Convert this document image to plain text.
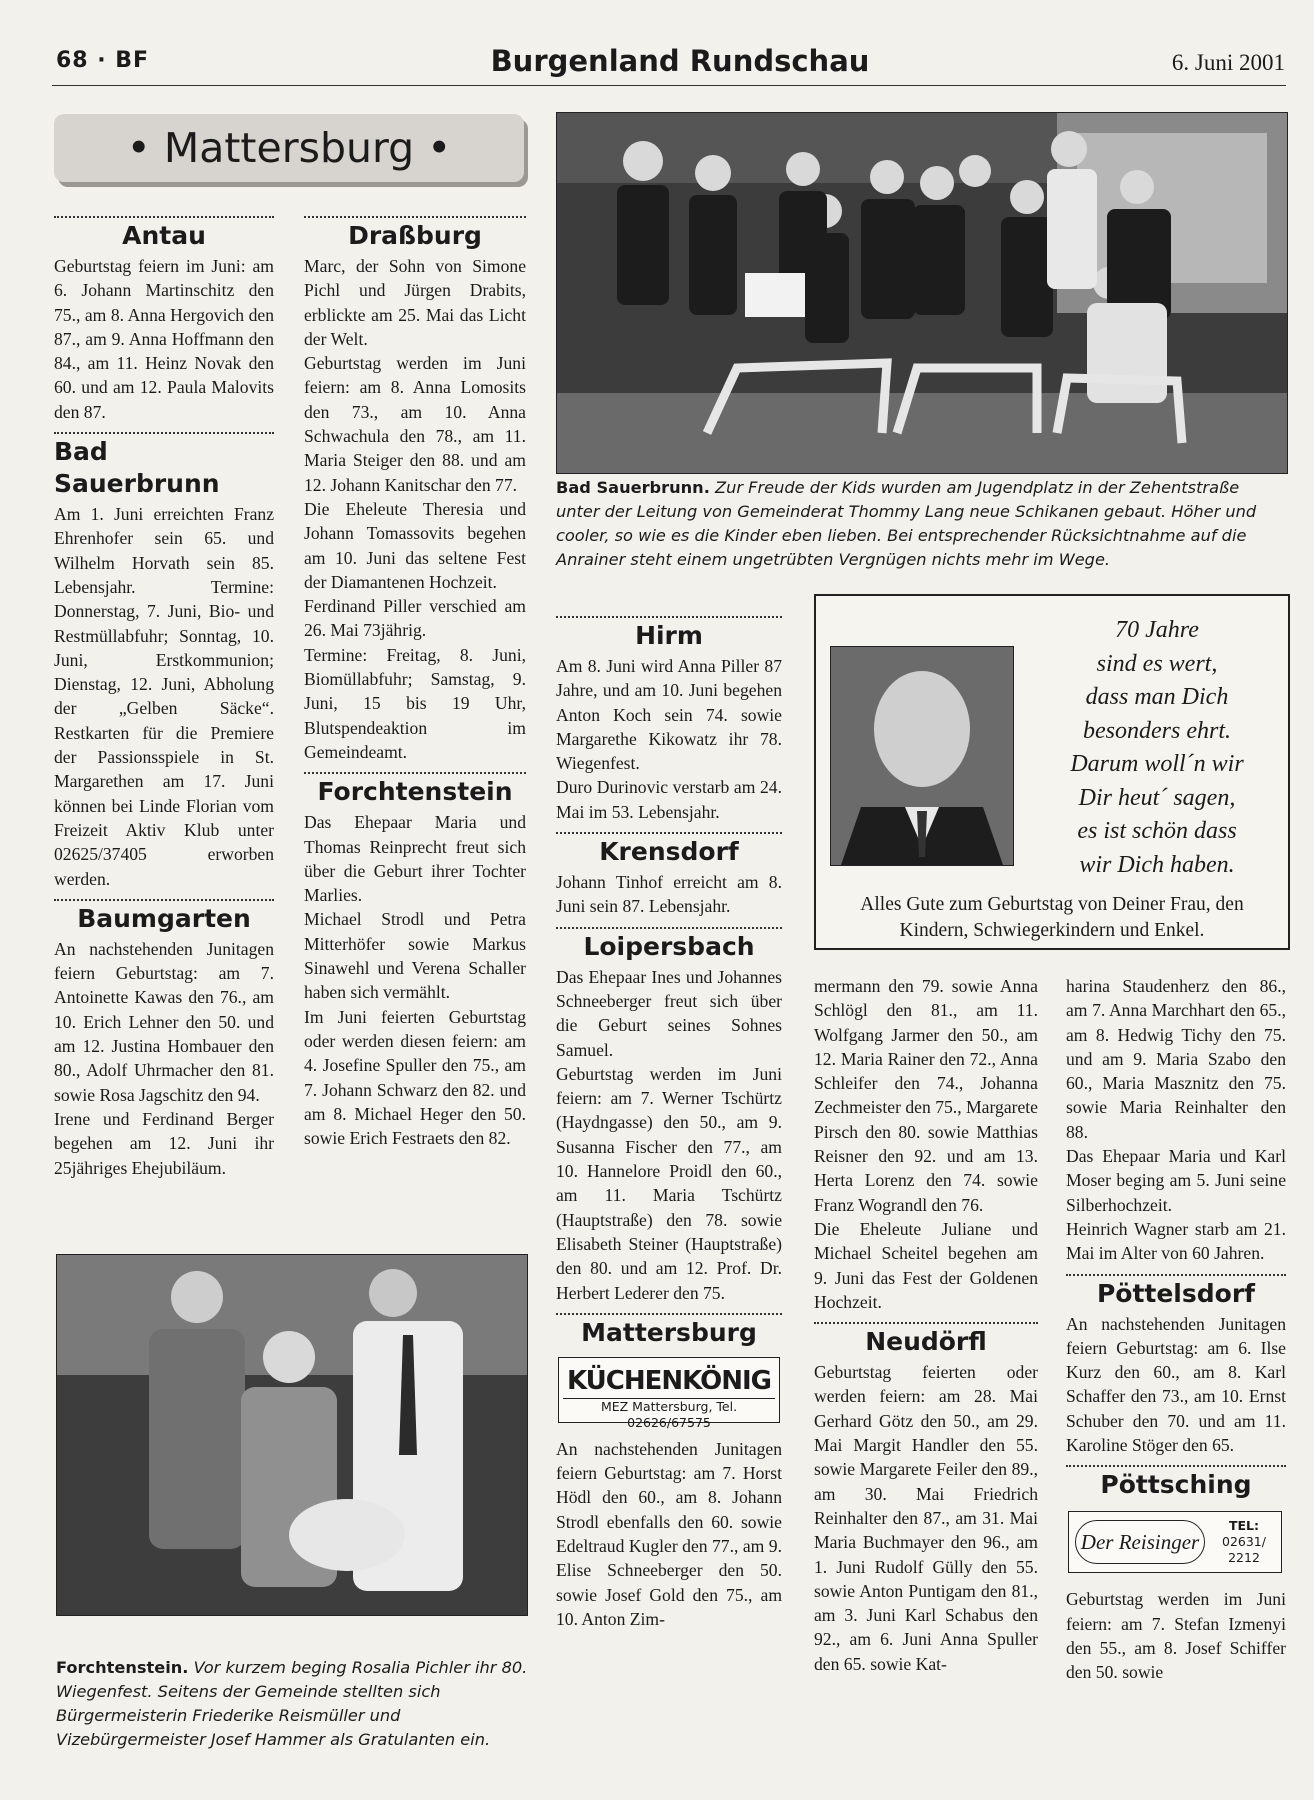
68 · BF	Burgenland Rundschau	6. Juni 2001
• Mattersburg •
Antau

Geburtstag feiern im Juni: am 6. Johann Martinschitz den 75., am 8. Anna Hergovich den 87., am 9. Anna Hoffmann den 84., am 11. Heinz Novak den 60. und am 12. Paula Malovits den 87.

Bad Sauerbrunn

Am 1. Juni erreichten Franz Ehrenhofer sein 65. und Wilhelm Horvath sein 85. Lebensjahr. Termine: Donnerstag, 7. Juni, Bio- und Restmüllabfuhr; Sonntag, 10. Juni, Erstkommunion; Dienstag, 12. Juni, Abholung der „Gelben Säcke“. Restkarten für die Premiere der Passionsspiele in St. Margarethen am 17. Juni können bei Linde Florian vom Freizeit Aktiv Klub unter 02625/37405 erworben werden.

Baumgarten

An nachstehenden Junitagen feiern Geburtstag: am 7. Antoinette Kawas den 76., am 10. Erich Lehner den 50. und am 12. Justina Hombauer den 80., Adolf Uhrmacher den 81. sowie Rosa Jagschitz den 94.

Irene und Ferdinand Berger begehen am 12. Juni ihr 25jähriges Ehejubiläum.

Draßburg

Marc, der Sohn von Simone Pichl und Jürgen Drabits, erblickte am 25. Mai das Licht der Welt.

Geburtstag werden im Juni feiern: am 8. Anna Lomosits den 73., am 10. Anna Schwachula den 78., am 11. Maria Steiger den 88. und am 12. Johann Kanitschar den 77.

Die Eheleute Theresia und Johann Tomassovits begehen am 10. Juni das seltene Fest der Diamantenen Hochzeit.

Ferdinand Piller verschied am 26. Mai 73jährig.

Termine: Freitag, 8. Juni, Biomüllabfuhr; Samstag, 9. Juni, 15 bis 19 Uhr, Blutspendeaktion im Gemeindeamt.

Forchtenstein

Das Ehepaar Maria und Thomas Reinprecht freut sich über die Geburt ihrer Tochter Marlies.

Michael Strodl und Petra Mitterhöfer sowie Markus Sinawehl und Verena Schaller haben sich vermählt.

Im Juni feierten Geburtstag oder werden diesen feiern: am 4. Josefine Spuller den 75., am 7. Johann Schwarz den 82. und am 8. Michael Heger den 50. sowie Erich Festraets den 82.

Bad Sauerbrunn. Zur Freude der Kids wurden am Jugendplatz in der Zehentstraße unter der Leitung von Gemeinderat Thommy Lang neue Schikanen gebaut. Höher und cooler, so wie es die Kinder eben lieben. Bei entsprechender Rücksichtnahme auf die Anrainer steht einem ungetrübten Vergnügen nichts mehr im Wege.
Hirm

Am 8. Juni wird Anna Piller 87 Jahre, und am 10. Juni begehen Anton Koch sein 74. sowie Margarethe Kikowatz ihr 78. Wiegenfest.

Duro Durinovic verstarb am 24. Mai im 53. Lebensjahr.

Krensdorf

Johann Tinhof erreicht am 8. Juni sein 87. Lebensjahr.

Loipersbach

Das Ehepaar Ines und Johannes Schneeberger freut sich über die Geburt seines Sohnes Samuel.

Geburtstag werden im Juni feiern: am 7. Werner Tschürtz (Haydngasse) den 50., am 9. Susanna Fischer den 77., am 10. Hannelore Proidl den 60., am 11. Maria Tschürtz (Hauptstraße) den 78. sowie Elisabeth Steiner (Hauptstraße) den 80. und am 12. Prof. Dr. Herbert Lederer den 75.

Mattersburg
KÜCHENKÖNIG
MEZ Mattersburg, Tel. 02626/67575

An nachstehenden Junitagen feiern Geburtstag: am 7. Horst Hödl den 60., am 8. Johann Strodl ebenfalls den 60. sowie Edeltraud Kugler den 77., am 9. Elise Schneeberger den 50. sowie Josef Gold den 75., am 10. Anton Zim-

70 Jahre
sind es wert,
dass man Dich
besonders ehrt.
Darum woll´n wir
Dir heut´ sagen,
es ist schön dass
wir Dich haben.
Alles Gute zum Geburtstag von Deiner Frau, den Kindern, Schwiegerkindern und Enkel.

mermann den 79. sowie Anna Schlögl den 81., am 11. Wolfgang Jarmer den 50., am 12. Maria Rainer den 72., Anna Schleifer den 74., Johanna Zechmeister den 75., Margarete Pirsch den 80. sowie Matthias Reisner den 92. und am 13. Herta Lorenz den 74. sowie Franz Wograndl den 76.

Die Eheleute Juliane und Michael Scheitel begehen am 9. Juni das Fest der Goldenen Hochzeit.

Neudörfl

Geburtstag feierten oder werden feiern: am 28. Mai Gerhard Götz den 50., am 29. Mai Margit Handler den 55. sowie Margarete Feiler den 89., am 30. Mai Friedrich Reinhalter den 87., am 31. Mai Maria Buchmayer den 96., am 1. Juni Rudolf Gülly den 55. sowie Anton Puntigam den 81., am 3. Juni Karl Schabus den 92., am 6. Juni Anna Spuller den 65. sowie Kat-

harina Staudenherz den 86., am 7. Anna Marchhart den 65., am 8. Hedwig Tichy den 75. und am 9. Maria Szabo den 60., Maria Masznitz den 75. sowie Maria Reinhalter den 88.

Das Ehepaar Maria und Karl Moser beging am 5. Juni seine Silberhochzeit.

Heinrich Wagner starb am 21. Mai im Alter von 60 Jahren.

Pöttelsdorf

An nachstehenden Junitagen feiern Geburtstag: am 6. Ilse Kurz den 60., am 8. Karl Schaffer den 73., am 10. Ernst Schuber den 70. und am 11. Karoline Stöger den 65.

Pöttsching
Der Reisinger
TEL:
02631/ 2212

Geburtstag werden im Juni feiern: am 7. Stefan Izmenyi den 55., am 8. Josef Schiffer den 50. sowie

Forchtenstein. Vor kurzem beging Rosalia Pichler ihr 80. Wiegenfest. Seitens der Gemeinde stellten sich Bürgermeisterin Friederike Reismüller und Vizebürgermeister Josef Hammer als Gratulanten ein.
